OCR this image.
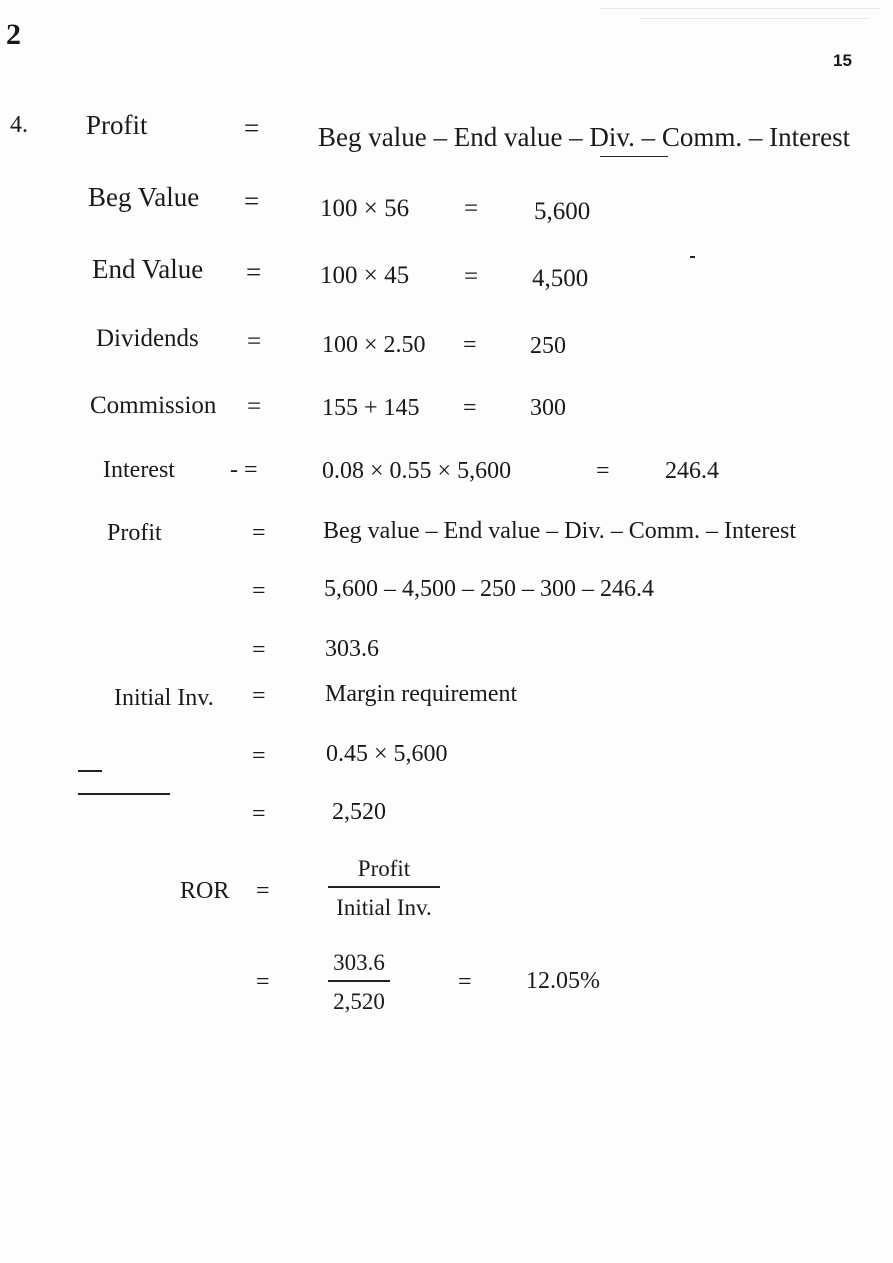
2
15
4. Profit	= Beg value – End value – Div. – Comm. – Interest
Beg Value = 100 × 56 = 5,600
End Value = 100 × 45 = 4,500
Dividends =	100 × 2.50 = 250
Commission =	155 + 145 = 300
Interest - =	0.08 × 0.55 × 5,600	= 246.4
Profit	= Beg value – End value – Div. – Comm. – Interest
= 5,600 – 4,500 – 250 – 300 – 246.4
= 303.6
Initial Inv. = Margin requirement
=	0.45 × 5,600
=	2,520
ROR =
Profit
Initial Inv.
=
303.6
2,520
= 12.05%
